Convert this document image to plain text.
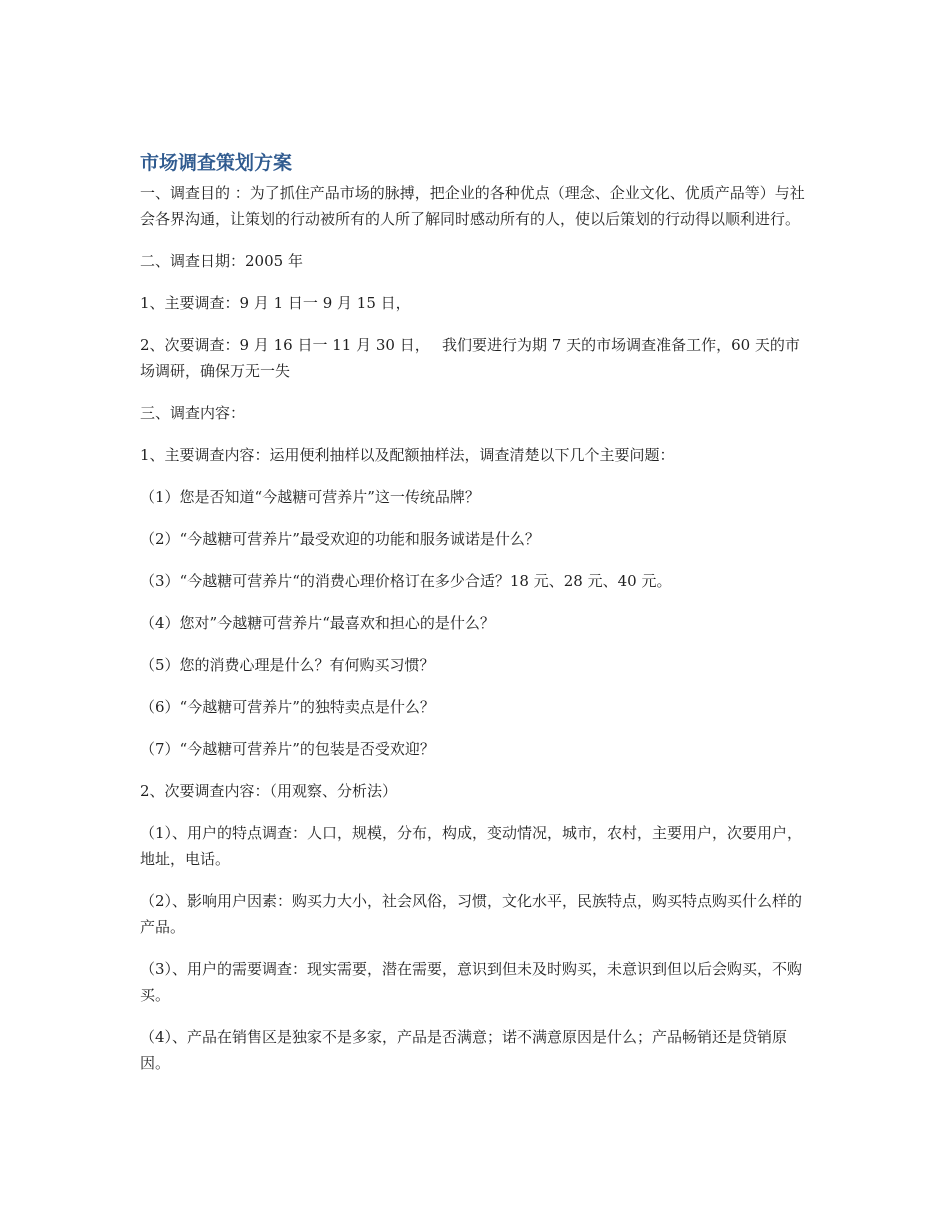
市场调查策划方案

一、调查目的 ：为了抓住产品市场的脉搏，把企业的各种优点（理念、企业文化、优质产品等）与社会各界沟通，让策划的行动被所有的人所了解同时感动所有的人，使以后策划的行动得以顺利进行。

二、调查日期：2005 年

1、主要调查：9 月 1 日一 9 月 15 日，

2、次要调查：9 月 16 日一 11 月 30 日，　 我们要进行为期 7 天的市场调查准备工作，60 天的市场调研，确保万无一失

三、调查内容：

1、主要调查内容：运用便利抽样以及配额抽样法，调查清楚以下几个主要问题：

（1）您是否知道“今越糖可营养片”这一传统品牌？

（2）“今越糖可营养片”最受欢迎的功能和服务诚诺是什么？

（3）“今越糖可营养片“的消费心理价格订在多少合适？18 元、28 元、40 元。

（4）您对”今越糖可营养片“最喜欢和担心的是什么？

（5）您的消费心理是什么？有何购买习惯？

（6）“今越糖可营养片”的独特卖点是什么？

（7）“今越糖可营养片”的包装是否受欢迎？

2、次要调查内容：（用观察、分析法）

（1）、用户的特点调查：人口，规模，分布，构成，变动情况，城市，农村，主要用户，次要用户，地址，电话。

（2）、影响用户因素：购买力大小，社会风俗，习惯，文化水平，民族特点，购买特点购买什么样的产品。

（3）、用户的需要调查：现实需要，潜在需要，意识到但未及时购买，未意识到但以后会购买，不购买。

（4）、产品在销售区是独家不是多家，产品是否满意；诺不满意原因是什么；产品畅销还是贷销原因。
